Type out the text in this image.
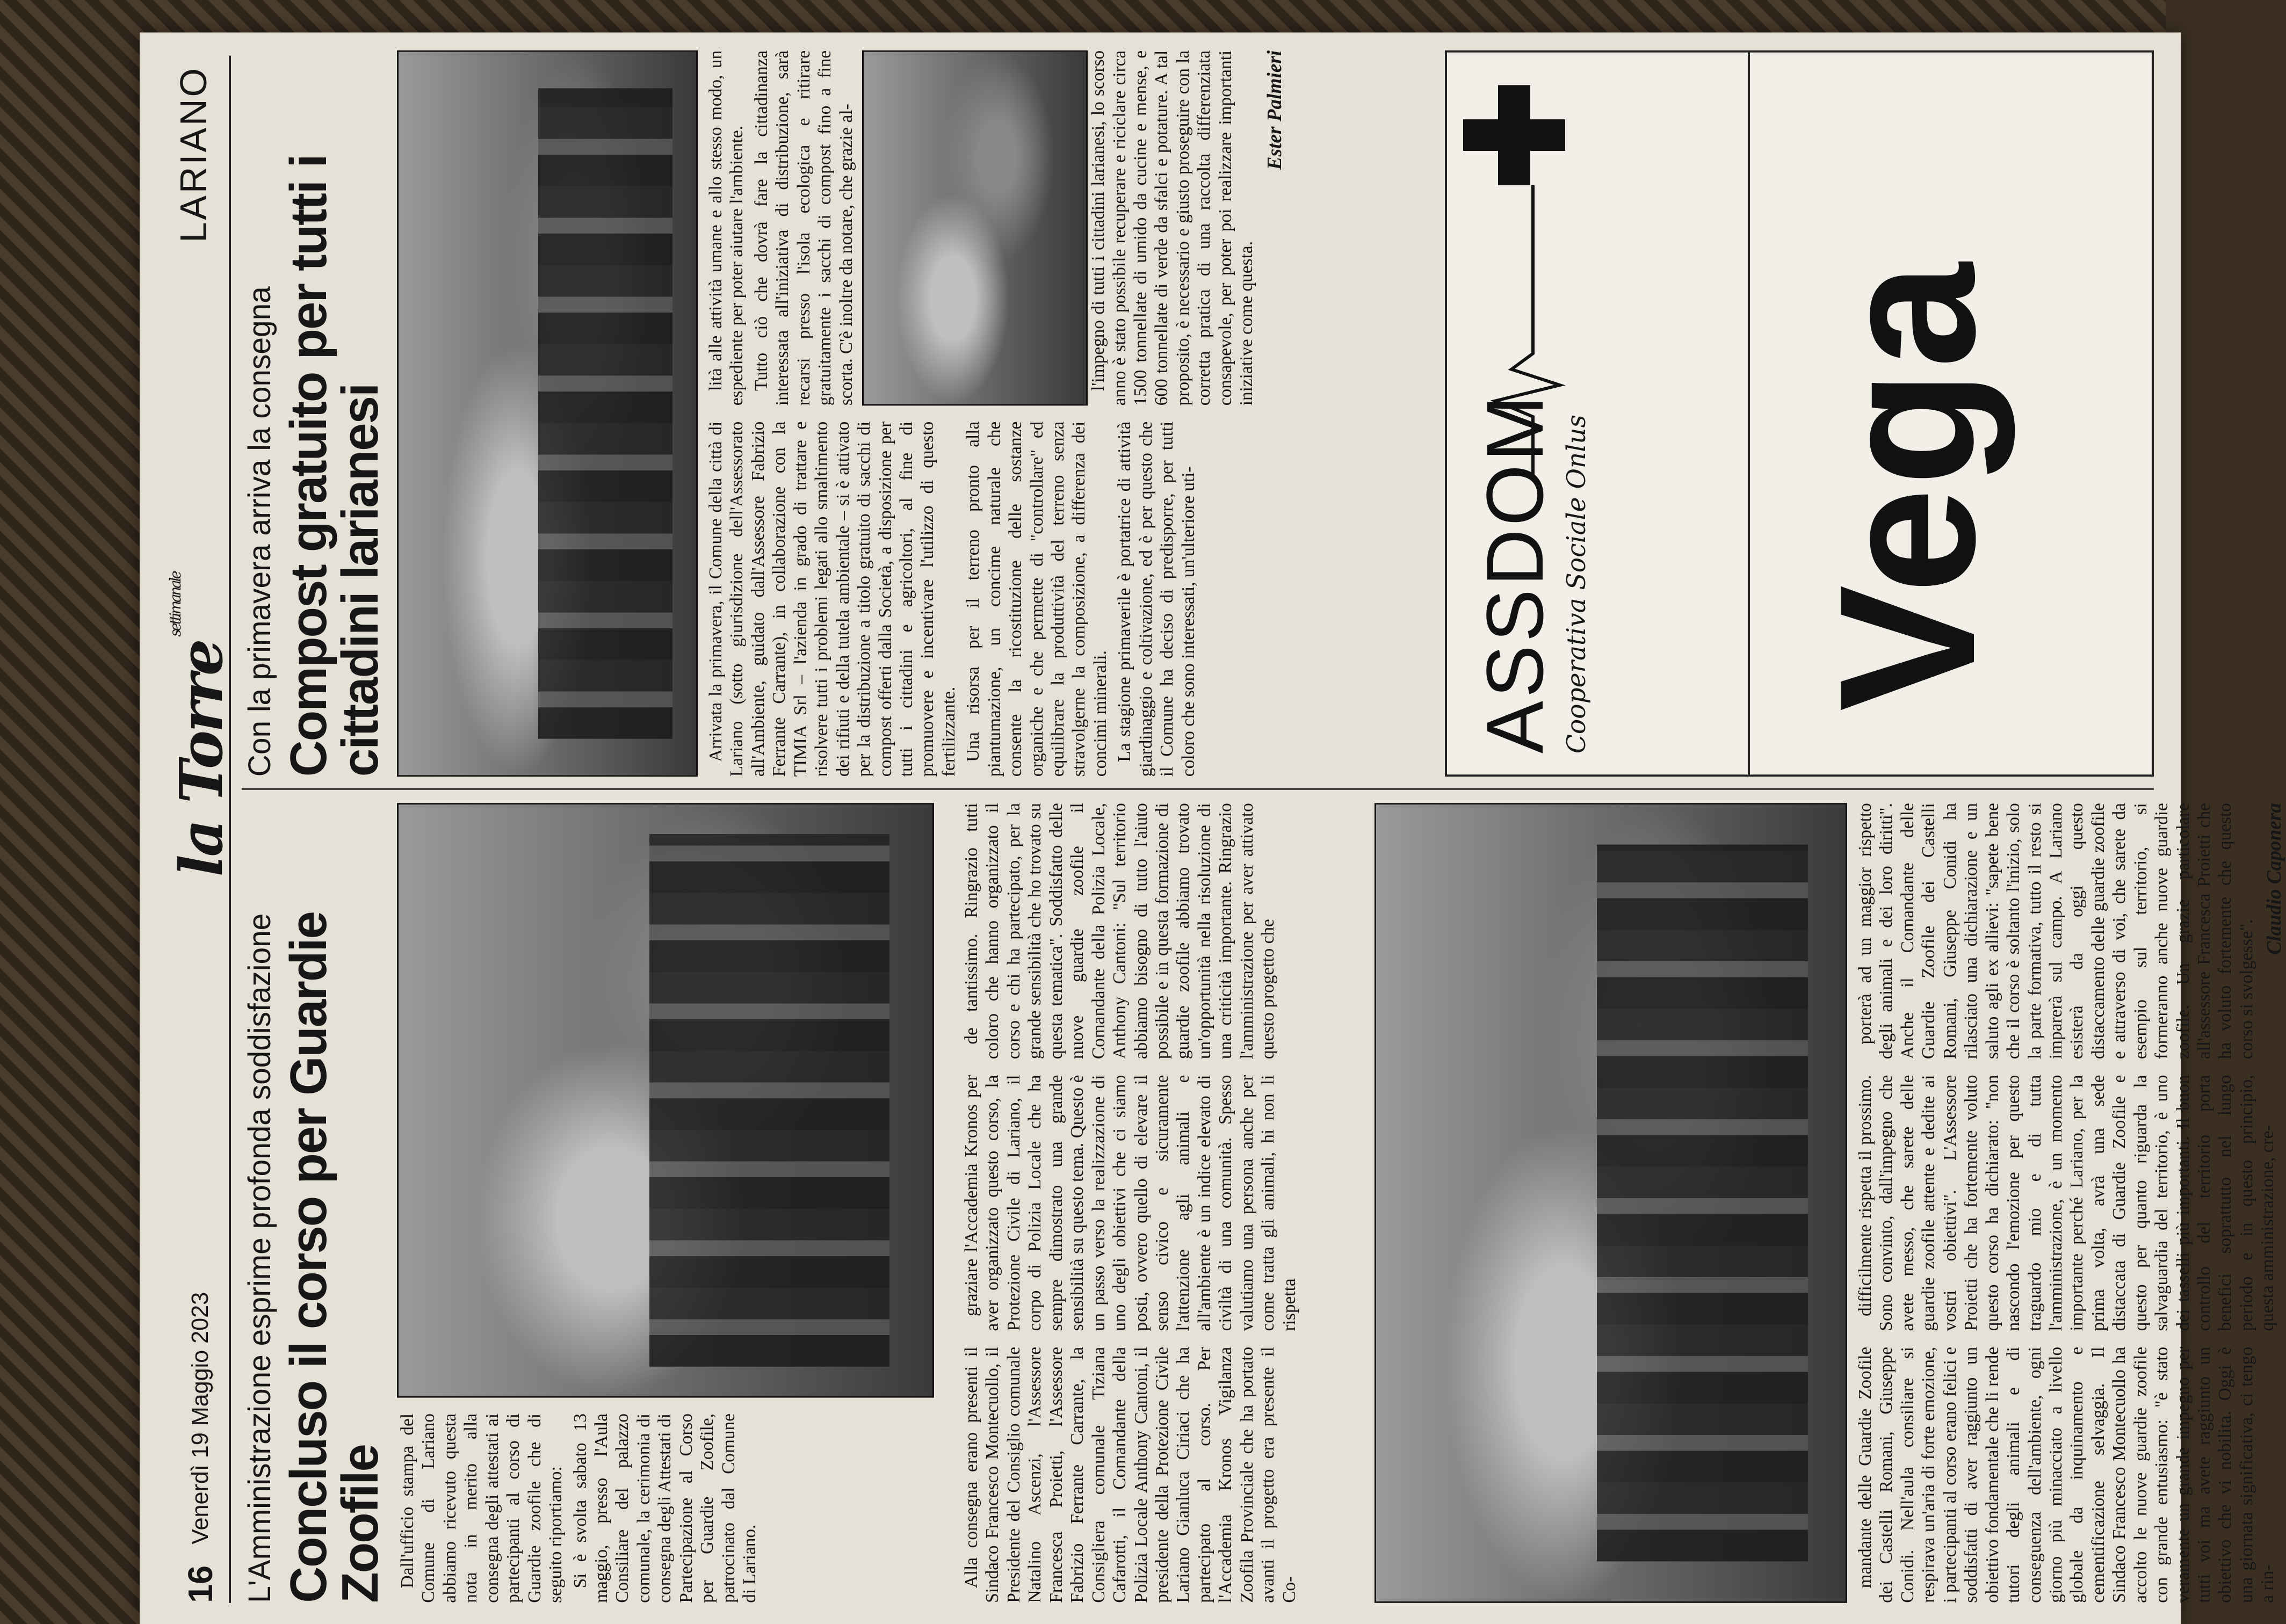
16
Venerdì 19 Maggio 2023
la Torre$^{settimanale}$
LARIANO

L'Amministrazione esprime profonda soddisfazione Concluso il corso per Guardie Zoofile Dall'ufficio stampa del Comune di Lariano abbiamo ricevuto questa nota in merito alla consegna degli attestati ai partecipanti al corso di Guardie zoofile che di seguito riportiamo: Si è svolta sabato 13 maggio, presso l'Aula Consiliare del palazzo comunale, la cerimonia di consegna degli Attestati di Partecipazione al Corso per Guardie Zoofile, patrocinato dal Comune di Lariano.	Alla consegna erano presenti il Sindaco Francesco Montecuollo, il Presidente del Consiglio comunale Natalino Ascenzi, l'Assessore Francesca Proietti, l'Assessore Fabrizio Ferrante Carrante, la Consigliera comunale Tiziana Cafarotti, il Comandante della Polizia Locale Anthony Cantoni, il presidente della Protezione Civile Lariano Gianluca Ciriaci che ha partecipato al corso. Per l'Accademia Kronos Vigilanza Zoofila Provinciale che ha portato avanti il progetto era presente il Co-

graziare l'Accademia Kronos per aver organizzato questo corso, la Protezione Civile di Lariano, il corpo di Polizia Locale che ha sempre dimostrato una grande sensibilità su questo tema. Questo è un passo verso la realizzazione di uno degli obiettivi che ci siamo posti, ovvero quello di elevare il senso civico e sicuramente l'attenzione agli animali e all'ambiente è un indice elevato di civiltà di una comunità. Spesso valutiamo una persona anche per come tratta gli animali, hi non li rispetta

de tantissimo. Ringrazio tutti coloro che hanno organizzato il corso e chi ha partecipato, per la grande sensibilità che ho trovato su questa tematica". Soddisfatto delle nuove guardie zoofile il Comandante della Polizia Locale, Anthony Cantoni: "Sul territorio abbiamo bisogno di tutto l'aiuto possibile e in questa formazione di guardie zoofile abbiamo trovato un'opportunità nella risoluzione di una criticità importante. Ringrazio l'amministrazione per aver attivato questo progetto che

mandante delle Guardie Zoofile dei Castelli Romani, Giuseppe Conidi. Nell'aula consiliare si respirava un'aria di forte emozione, i partecipanti al corso erano felici e soddisfatti di aver raggiunto un obiettivo fondamentale che li rende tutori degli animali e di conseguenza dell'ambiente, ogni giorno più minacciato a livello globale da inquinamento e cementificazione selvaggia. Il Sindaco Francesco Montecuollo ha accolto le nuove guardie zoofile con grande entusiasmo: "è stato veramente un grande impegno per tutti voi ma avete raggiunto un obiettivo che vi nobilita. Oggi è una giornata significativa, ci tengo a rin-

difficilmente rispetta il prossimo. Sono convinto, dall'impegno che avete messo, che sarete delle guardie zoofile attente e dedite ai vostri obiettivi". L'Assessore Proietti che ha fortemente voluto questo corso ha dichiarato: "non nascondo l'emozione per questo traguardo mio e di tutta l'amministrazione, è un momento importante perché Lariano, per la prima volta, avrà una sede distaccata di Guardie Zoofile e questo per quanto riguarda la salvaguardia del territorio, è uno dei tasselli più importanti. Il buon controllo del territorio porta benefici soprattutto nel lungo periodo e in questo principio, questa amministrazione, cre-

porterà ad un maggior rispetto degli animali e dei loro diritti". Anche il Comandante delle Guardie Zoofile dei Castelli Romani, Giuseppe Conidi ha rilasciato una dichiarazione e un saluto agli ex allievi: "sapete bene che il corso è soltanto l'inizio, solo la parte formativa, tutto il resto si imparerà sul campo. A Lariano esisterà da oggi questo distaccamento delle guardie zoofile e attraverso di voi, che sarete da esempio sul territorio, si formeranno anche nuove guardie zoofile. Un grazie particolare all'assessore Francesca Proietti che ha voluto fortemente che questo corso si svolgesse".

Claudio Caponera

Con la primavera arriva la consegna Compost gratuito per tutti i cittadini larianesi	Arrivata la primavera, il Comune della città di Lariano (sotto giurisdizione dell'Assessorato all'Ambiente, guidato dall'Assessore Fabrizio Ferrante Carrante), in collaborazione con la TIMIA Srl – l'azienda in grado di trattare e risolvere tutti i problemi legati allo smaltimento dei rifiuti e della tutela ambientale – si è attivato per la distribuzione a titolo gratuito di sacchi di compost offerti dalla Società, a disposizione per tutti i cittadini e agricoltori, al fine di promuovere e incentivare l'utilizzo di questo fertilizzante. Una risorsa per il terreno pronto alla piantumazione, un concime naturale che consente la ricostituzione delle sostanze organiche e che permette di "controllare" ed equilibrare la produttività del terreno senza stravolgerne la composizione, a differenza dei concimi minerali. La stagione primaverile è portatrice di attività giardinaggio e coltivazione, ed è per questo che il Comune ha deciso di predisporre, per tutti coloro che sono interessati, un'ulteriore uti-

lità alle attività umane e allo stesso modo, un espediente per poter aiutare l'ambiente. Tutto ciò che dovrà fare la cittadinanza interessata all'iniziativa di distribuzione, sarà recarsi presso l'isola ecologica e ritirare gratuitamente i sacchi di compost fino a fine scorta. C'è inoltre da notare, che grazie al-	l'impegno di tutti i cittadini larianesi, lo scorso anno è stato possibile recuperare e riciclare circa 1500 tonnellate di umido da cucine e mense, e 600 tonnellate di verde da sfalci e potature. A tal proposito, è necessario e giusto proseguire con la corretta pratica di una raccolta differenziata consapevole, per poter poi realizzare importanti iniziative come questa.

Ester Palmieri
ASSDOM Cooperativa Sociale Onlus Vega
